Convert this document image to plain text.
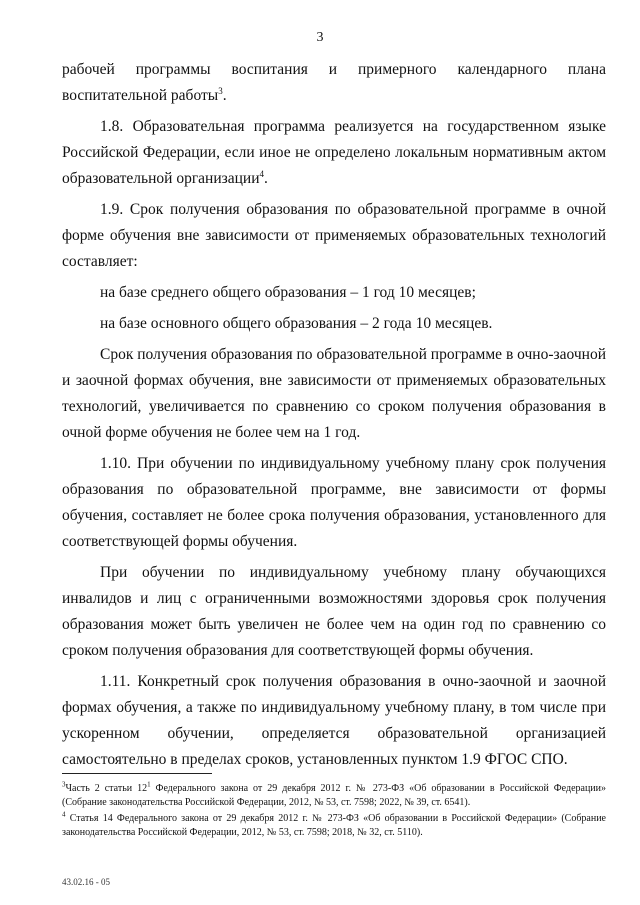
3

рабочей программы воспитания и примерного календарного плана воспитательной работы$^3$.

1.8. Образовательная программа реализуется на государственном языке Российской Федерации, если иное не определено локальным нормативным актом образовательной организации$^4$.

1.9. Срок получения образования по образовательной программе в очной форме обучения вне зависимости от применяемых образовательных технологий составляет:

на базе среднего общего образования – 1 год 10 месяцев;

на базе основного общего образования – 2 года 10 месяцев.

Срок получения образования по образовательной программе в очно-заочной и заочной формах обучения, вне зависимости от применяемых образовательных технологий, увеличивается по сравнению со сроком получения образования в очной форме обучения не более чем на 1 год.

1.10. При обучении по индивидуальному учебному плану срок получения образования по образовательной программе, вне зависимости от формы обучения, составляет не более срока получения образования, установленного для соответствующей формы обучения.

При обучении по индивидуальному учебному плану обучающихся инвалидов и лиц с ограниченными возможностями здоровья срок получения образования может быть увеличен не более чем на один год по сравнению со сроком получения образования для соответствующей формы обучения.

1.11. Конкретный срок получения образования в очно-заочной и заочной формах обучения, а также по индивидуальному учебному плану, в том числе при ускоренном обучении, определяется образовательной организацией самостоятельно в пределах сроков, установленных пунктом 1.9 ФГОС СПО.

$^3$Часть 2 статьи $12^1$ Федерального закона от 29 декабря 2012 г. № 273-ФЗ «Об образовании в Российской Федерации» (Собрание законодательства Российской Федерации, 2012, № 53, ст. 7598; 2022, № 39, ст. 6541).

$^4$ Статья 14 Федерального закона от 29 декабря 2012 г. № 273-ФЗ «Об образовании в Российской Федерации» (Собрание законодательства Российской Федерации, 2012, № 53, ст. 7598; 2018, № 32, ст. 5110).

43.02.16 - 05
